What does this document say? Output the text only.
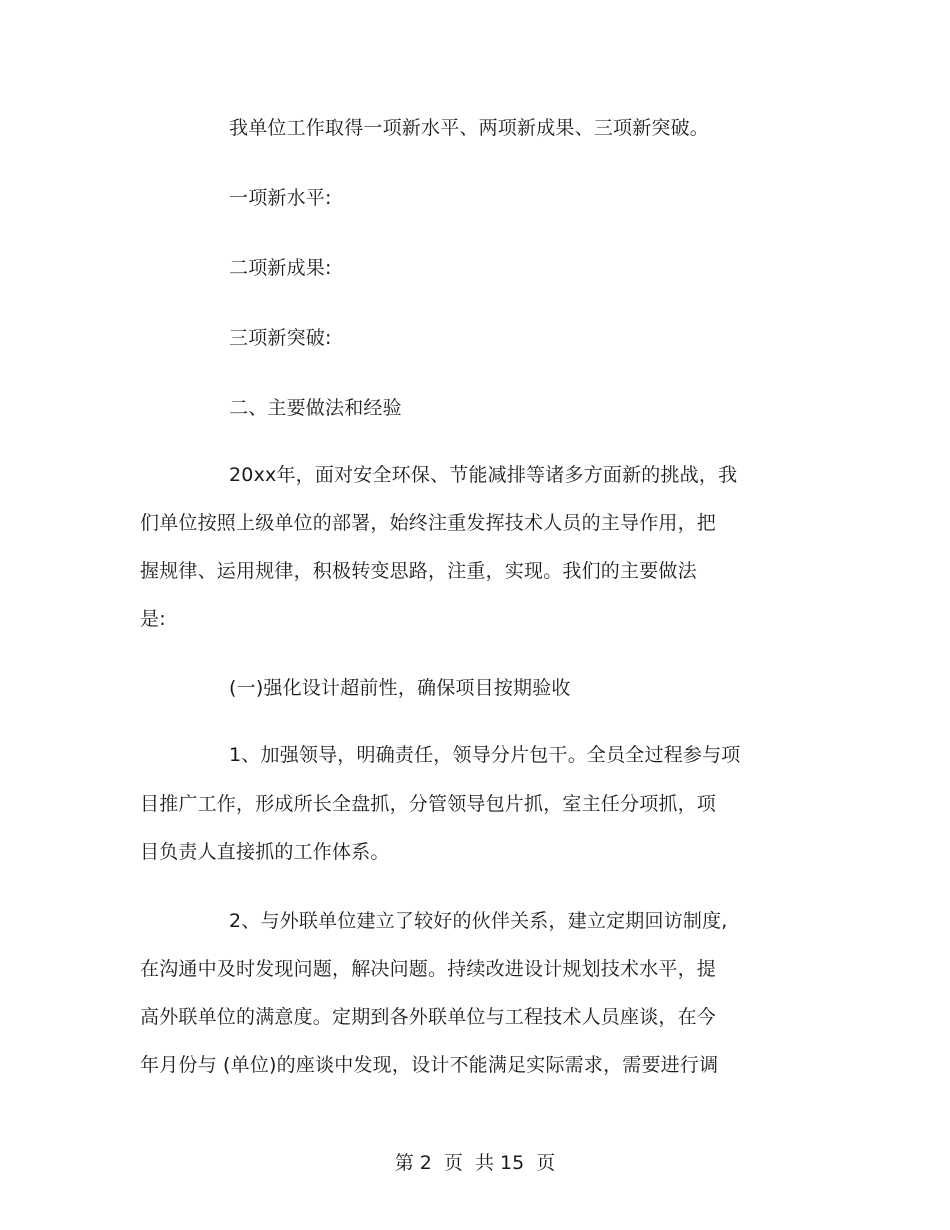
我单位工作取得一项新水平、两项新成果、三项新突破。
一项新水平:
二项新成果:
三项新突破:
二、主要做法和经验
20xx年，面对安全环保、节能减排等诸多方面新的挑战，我
们单位按照上级单位的部署，始终注重发挥技术人员的主导作用，把
握规律、运用规律，积极转变思路，注重，实现。我们的主要做法
是:
(一)强化设计超前性，确保项目按期验收
1、加强领导，明确责任，领导分片包干。全员全过程参与项
目推广工作，形成所长全盘抓，分管领导包片抓，室主任分项抓，项
目负责人直接抓的工作体系。
2、与外联单位建立了较好的伙伴关系，建立定期回访制度,
在沟通中及时发现问题，解决问题。持续改进设计规划技术水平，提
高外联单位的满意度。定期到各外联单位与工程技术人员座谈，在今
年月份与 (单位)的座谈中发现，设计不能满足实际需求，需要进行调
第 2  页  共 15  页
